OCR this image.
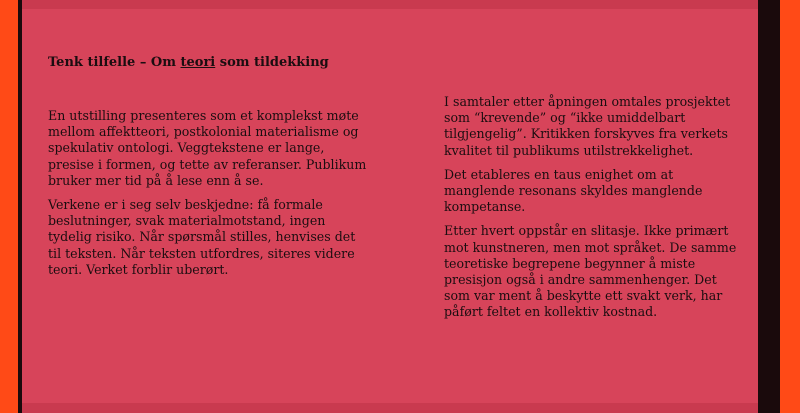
Tenk tilfelle – Om teori som tildekking

En utstilling presenteres som et komplekst møte mellom affektteori, postkolonial materialisme og spekulativ ontologi. Veggtekstene er lange, presise i formen, og tette av referanser. Publikum bruker mer tid på å lese enn å se.

Verkene er i seg selv beskjedne: få formale beslutninger, svak materialmotstand, ingen tydelig risiko. Når spørsmål stilles, henvises det til teksten. Når teksten utfordres, siteres videre teori. Verket forblir uberørt.

I samtaler etter åpningen omtales prosjektet som “krevende” og “ikke umiddelbart tilgjengelig”. Kritikken forskyves fra verkets kvalitet til publikums utilstrekkelighet.

Det etableres en taus enighet om at manglende resonans skyldes manglende kompetanse.

Etter hvert oppstår en slitasje. Ikke primært mot kunstneren, men mot språket. De samme teoretiske begrepene begynner å miste presisjon også i andre sammenhenger. Det som var ment å beskytte ett svakt verk, har påført feltet en kollektiv kostnad.
